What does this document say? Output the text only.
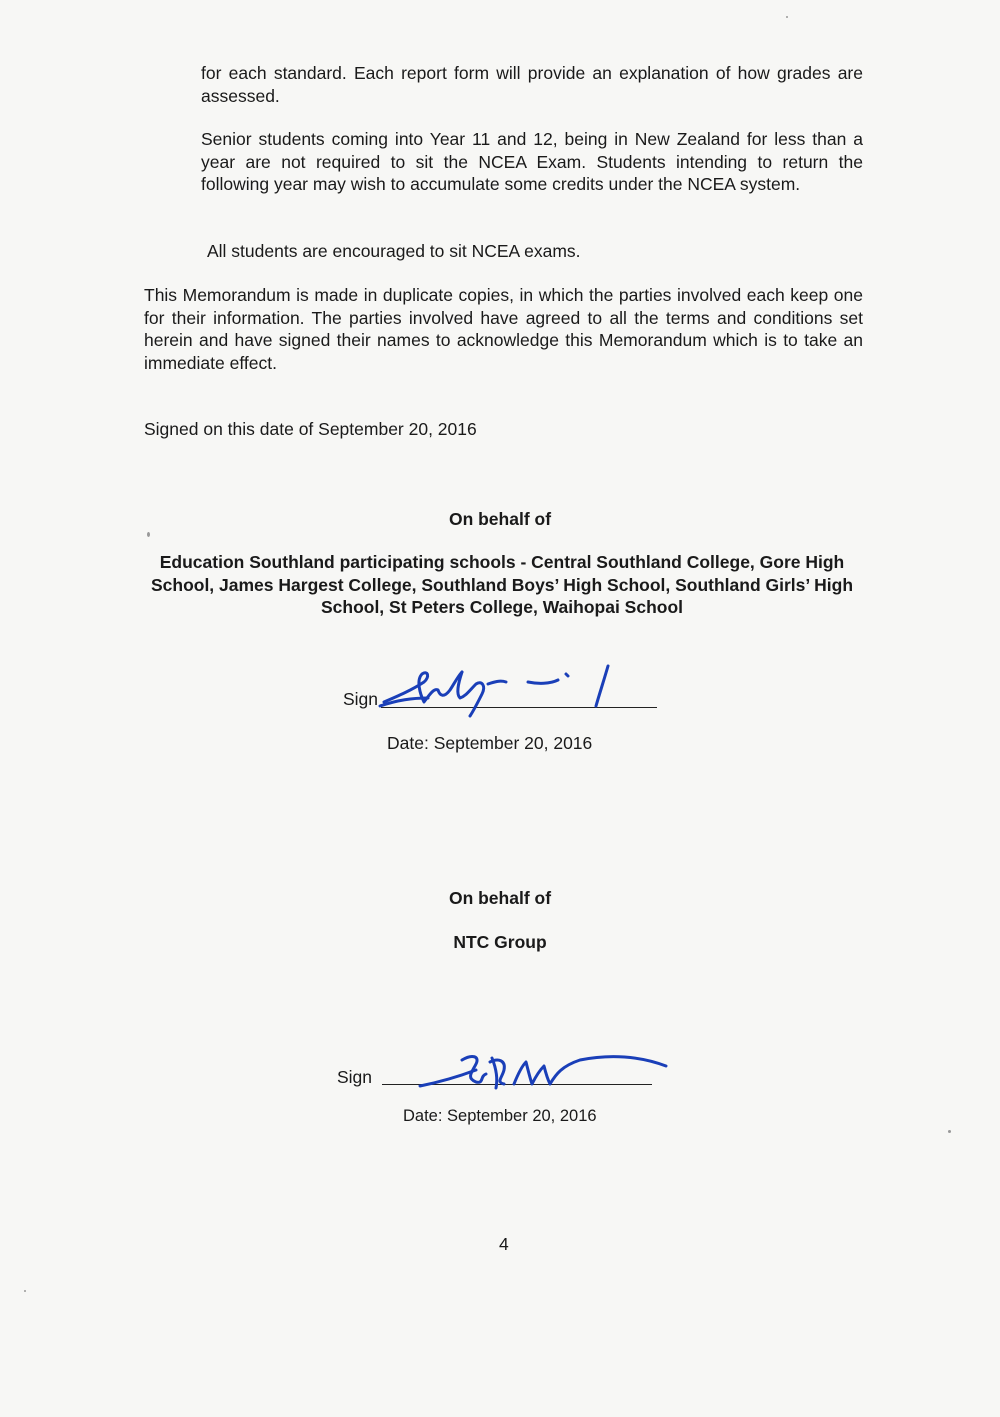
for each standard. Each report form will provide an explanation of how grades are assessed.

Senior students coming into Year 11 and 12, being in New Zealand for less than a year are not required to sit the NCEA Exam. Students intending to return the following year may wish to accumulate some credits under the NCEA system.

All students are encouraged to sit NCEA exams.

This Memorandum is made in duplicate copies, in which the parties involved each keep one for their information. The parties involved have agreed to all the terms and conditions set herein and have signed their names to acknowledge this Memorandum which is to take an immediate effect.

Signed on this date of September 20, 2016

On behalf of

Education Southland participating schools - Central Southland College, Gore High School, James Hargest College, Southland Boys’ High School, Southland Girls’ High School, St Peters College, Waihopai School

Sign
Date: September 20, 2016

On behalf of

NTC Group

Sign
Date: September 20, 2016
4
